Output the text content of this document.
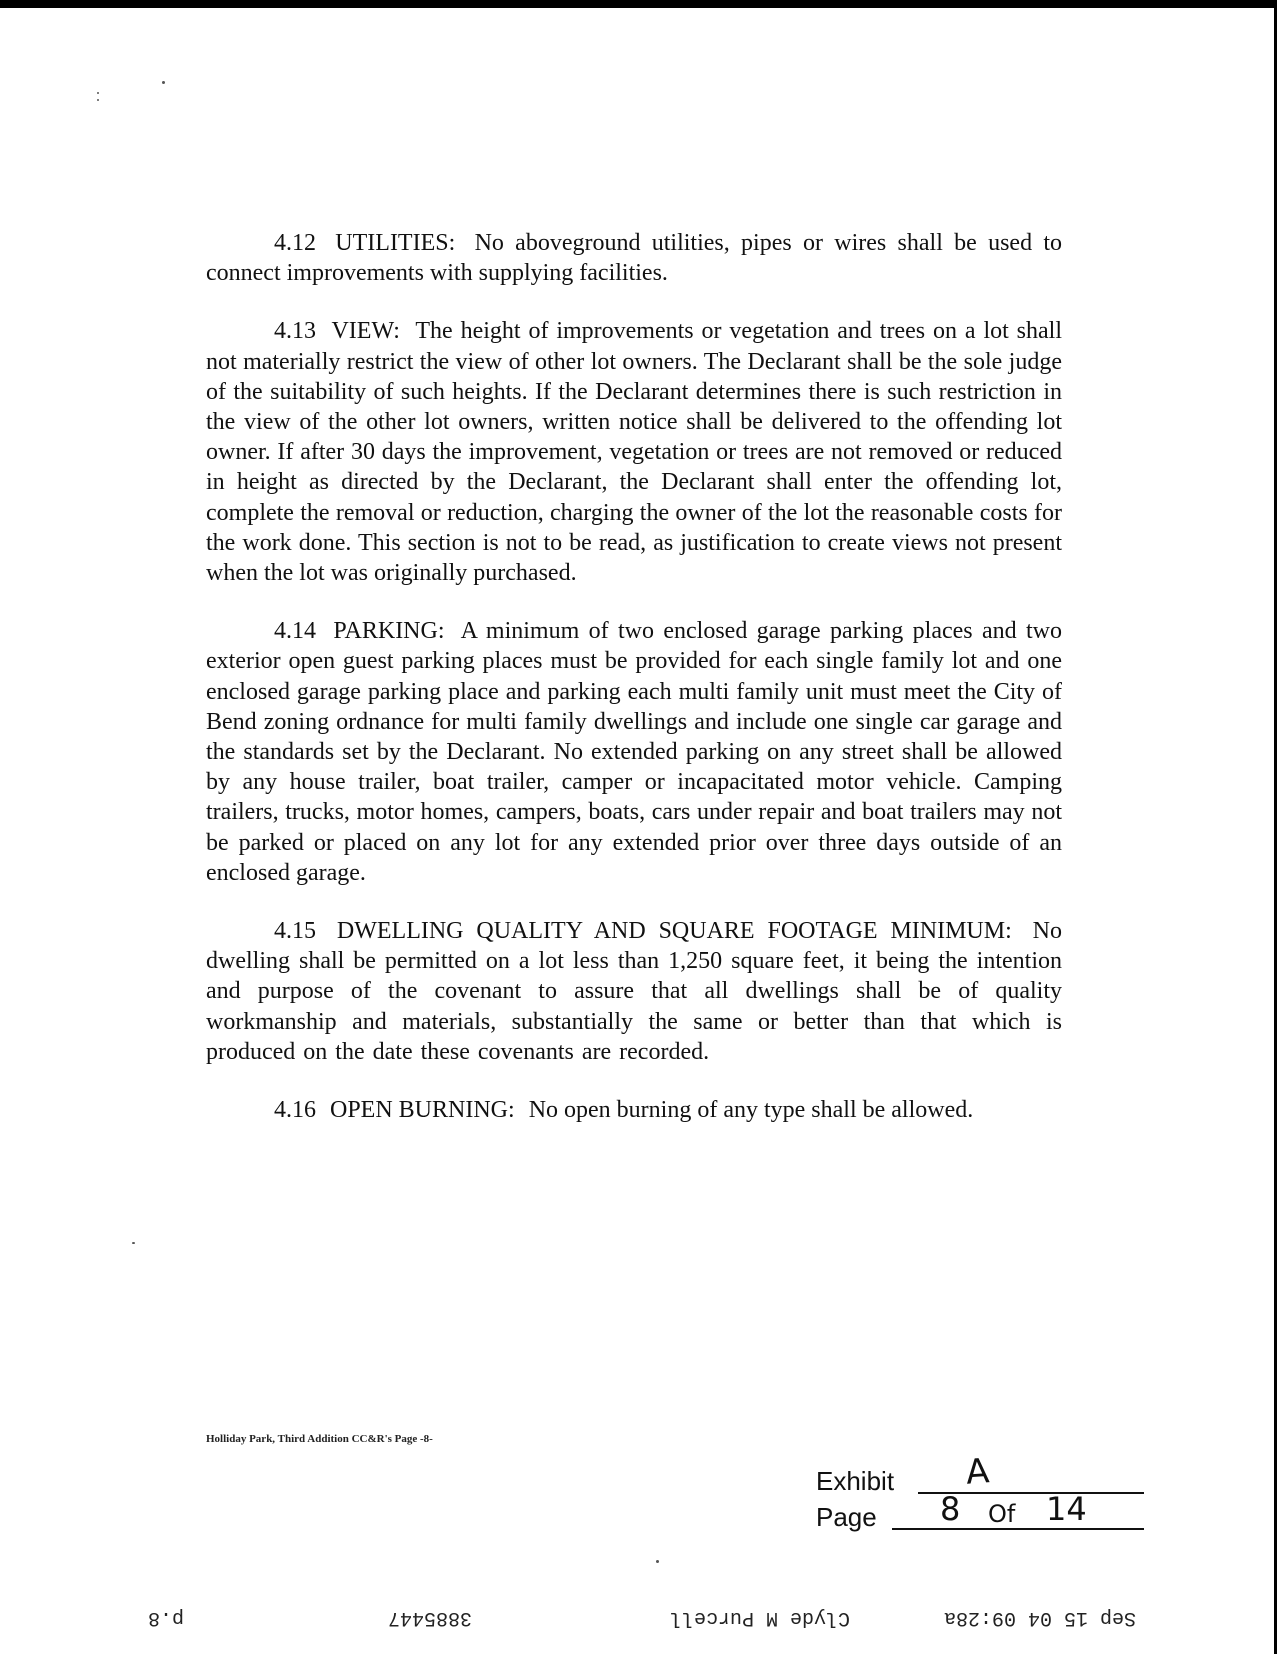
4.12 UTILITIES: No aboveground utilities, pipes or wires shall be used to connect improvements with supplying facilities.

4.13 VIEW: The height of improvements or vegetation and trees on a lot shall not materially restrict the view of other lot owners. The Declarant shall be the sole judge of the suitability of such heights. If the Declarant determines there is such restriction in the view of the other lot owners, written notice shall be delivered to the offending lot owner. If after 30 days the improvement, vegetation or trees are not removed or reduced in height as directed by the Declarant, the Declarant shall enter the offending lot, complete the removal or reduction, charging the owner of the lot the reasonable costs for the work done. This section is not to be read, as justification to create views not present when the lot was originally purchased.

4.14 PARKING: A minimum of two enclosed garage parking places and two exterior open guest parking places must be provided for each single family lot and one enclosed garage parking place and parking each multi family unit must meet the City of Bend zoning ordnance for multi family dwellings and include one single car garage and the standards set by the Declarant. No extended parking on any street shall be allowed by any house trailer, boat trailer, camper or incapacitated motor vehicle. Camping trailers, trucks, motor homes, campers, boats, cars under repair and boat trailers may not be parked or placed on any lot for any extended prior over three days outside of an enclosed garage.

4.15 DWELLING QUALITY AND SQUARE FOOTAGE MINIMUM: No dwelling shall be permitted on a lot less than 1,250 square feet, it being the intention and purpose of the covenant to assure that all dwellings shall be of quality workmanship and materials, substantially the same or better than that which is produced on the date these covenants are recorded.

4.16 OPEN BURNING: No open burning of any type shall be allowed.

Holliday Park, Third Addition CC&R's Page -8-
Exhibit A
Page 8 Of 14
p.8	3885447	Clyde M Purcell	Sep 15 04 09:28a
